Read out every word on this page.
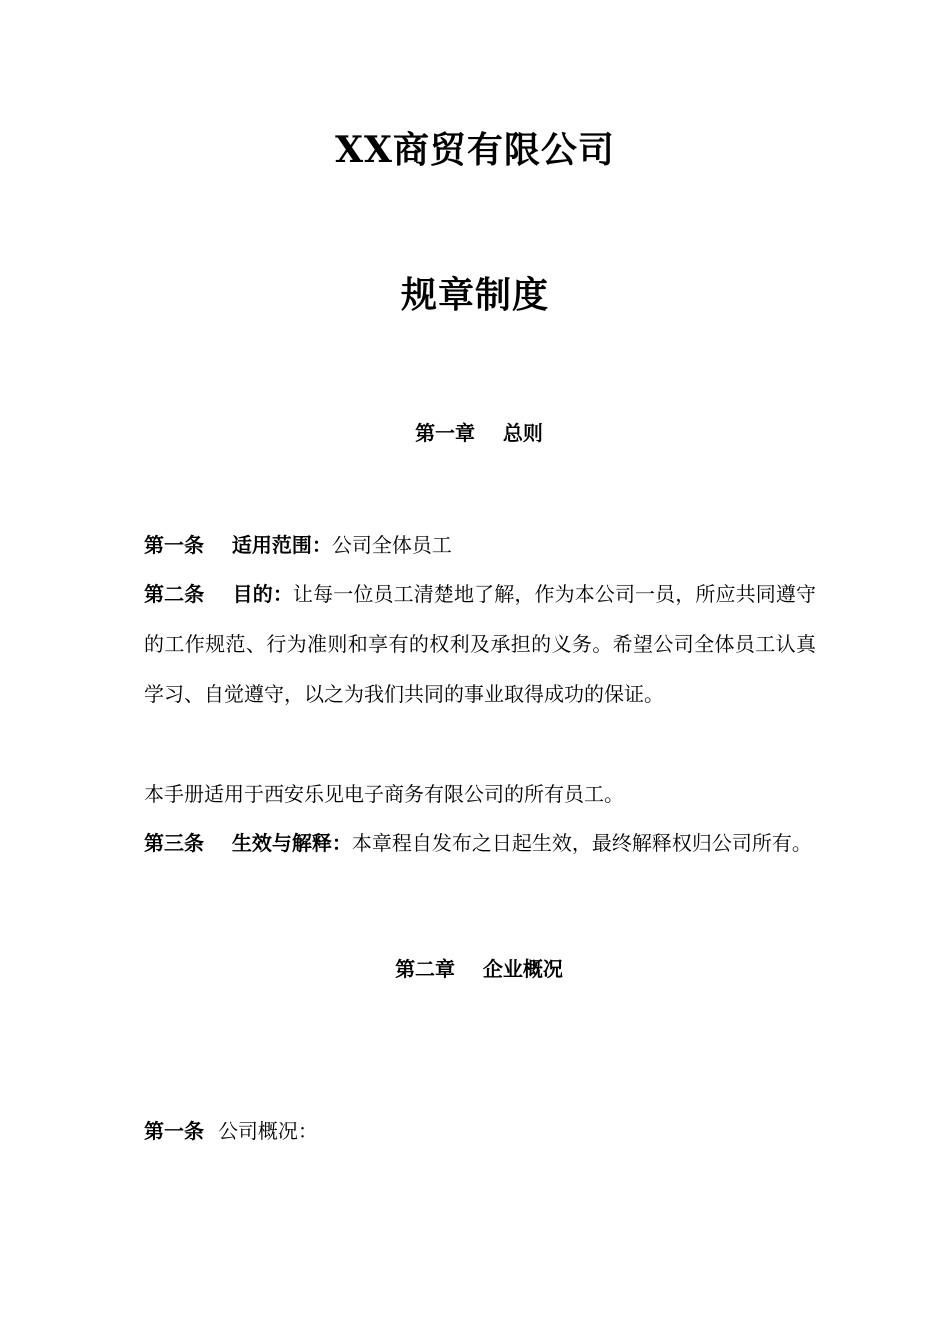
XX商贸有限公司
规章制度
第一章    总则
第一条    适用范围：公司全体员工
第二条    目的：让每一位员工清楚地了解，作为本公司一员，所应共同遵守的工作规范、行为准则和享有的权利及承担的义务。希望公司全体员工认真学习、自觉遵守，以之为我们共同的事业取得成功的保证。
本手册适用于西安乐见电子商务有限公司的所有员工。
第三条    生效与解释：本章程自发布之日起生效，最终解释权归公司所有。
第二章    企业概况
第一条  公司概况：
